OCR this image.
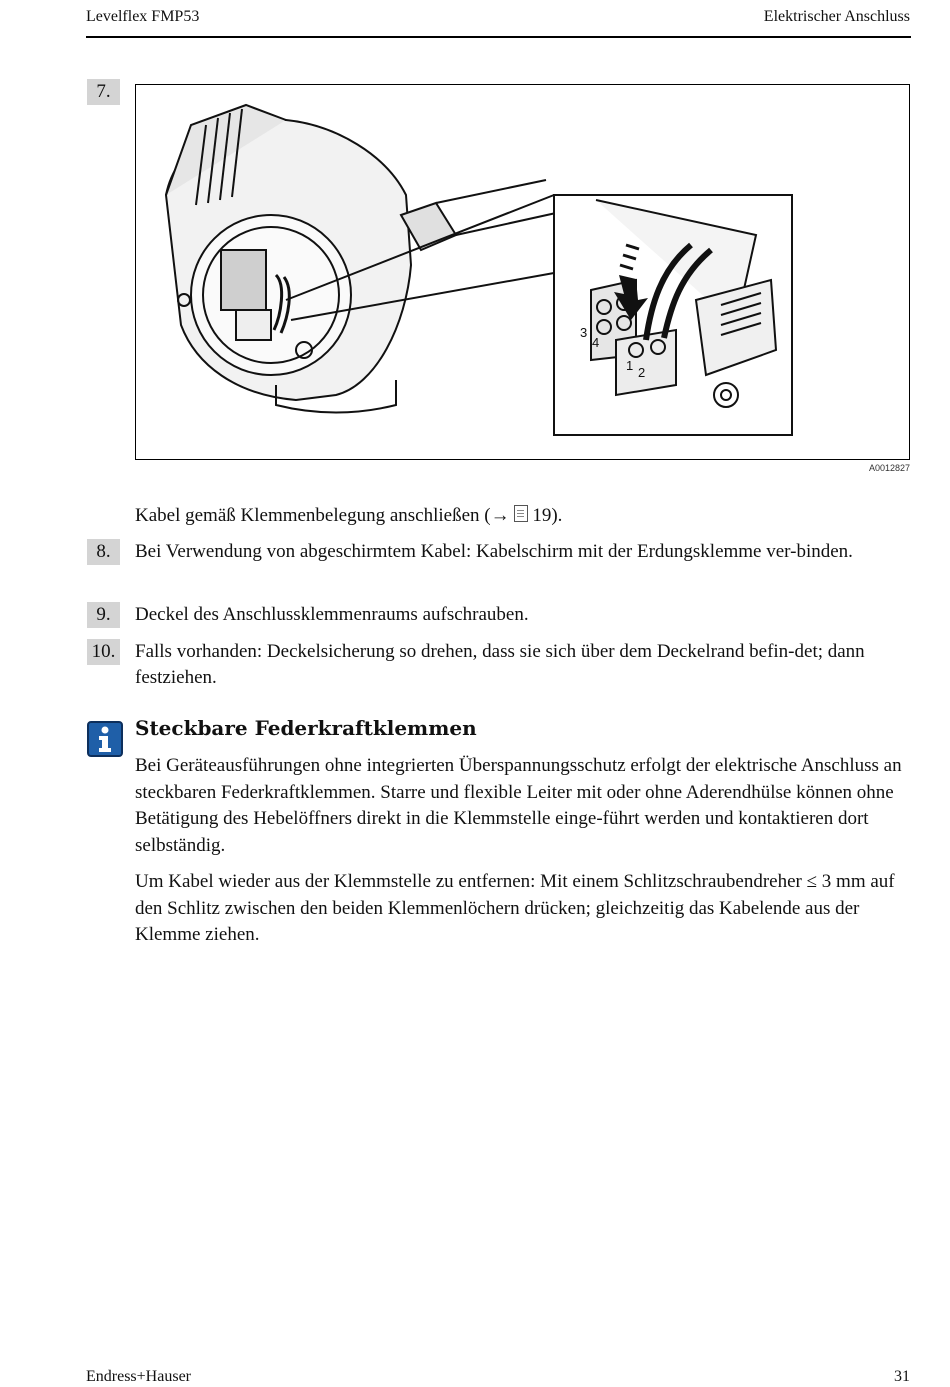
Levelflex FMP53	Elektrischer Anschluss
7.
1 2
3
4
A0012827
Kabel gemäß Klemmenbelegung anschließen (→ 19).
8.	Bei Verwendung von abgeschirmtem Kabel: Kabelschirm mit der Erdungsklemme ver-binden.
9.	Deckel des Anschlussklemmenraums aufschrauben.
10. Falls vorhanden: Deckelsicherung so drehen, dass sie sich über dem Deckelrand befin-det; dann festziehen.
Steckbare Federkraftklemmen
Bei Geräteausführungen ohne integrierten Überspannungsschutz erfolgt der elektrische Anschluss an steckbaren Federkraftklemmen. Starre und flexible Leiter mit oder ohne Aderendhülse können ohne Betätigung des Hebelöffners direkt in die Klemmstelle einge-führt werden und kontaktieren dort selbständig.
Um Kabel wieder aus der Klemmstelle zu entfernen: Mit einem Schlitzschraubendreher ≤ 3 mm auf den Schlitz zwischen den beiden Klemmenlöchern drücken; gleichzeitig das Kabelende aus der Klemme ziehen.
Endress+Hauser	31
